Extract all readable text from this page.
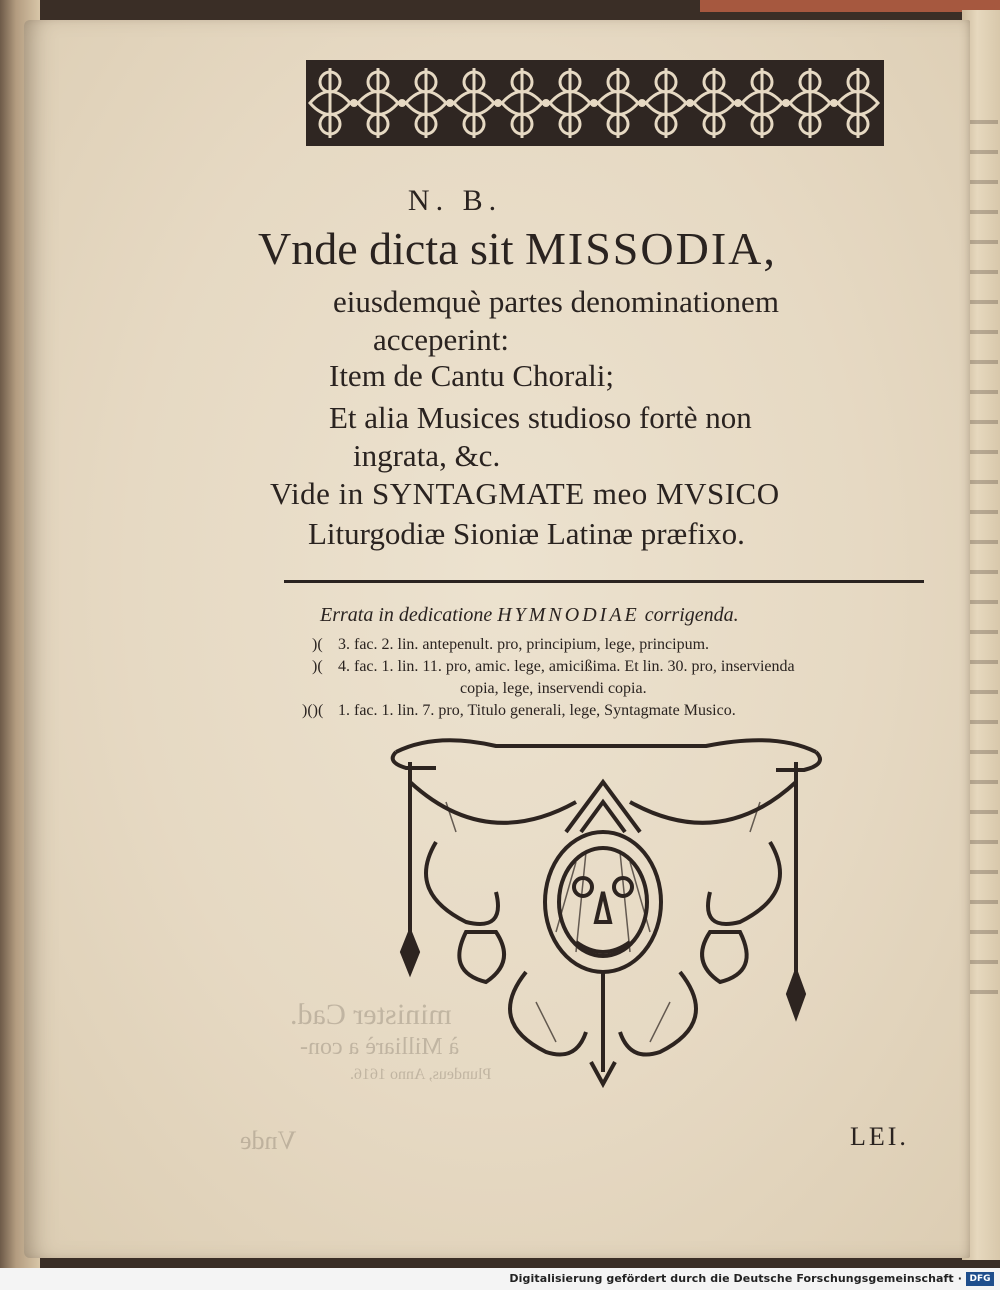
N. B.
Vnde dicta sit MISSODIA,
eiusdemquè partes denominationem
acceperint:
Item de Cantu Chorali;
Et alia Musices studioso fortè non
ingrata, &c.
Vide in SYNTAGMATE meo MVSICO
Liturgodiæ Sioniæ Latinæ præfixo.
Errata in dedicatione HYMNODIAE corrigenda.
)( 3. fac. 2. lin. antepenult. pro, principium, lege, principum.
)( 4. fac. 1. lin. 11. pro, amic. lege, amicißima. Et lin. 30. pro, inservienda
copia, lege, inservendi copia.
)()( 1. fac. 1. lin. 7. pro, Titulo generali, lege, Syntagmate Musico.
minister Cad.
à Milliarè a con-
Plundeus, Anno 1616.
Vnde	LEI.
Digitalisierung gefördert durch die Deutsche Forschungsgemeinschaft · DFG
